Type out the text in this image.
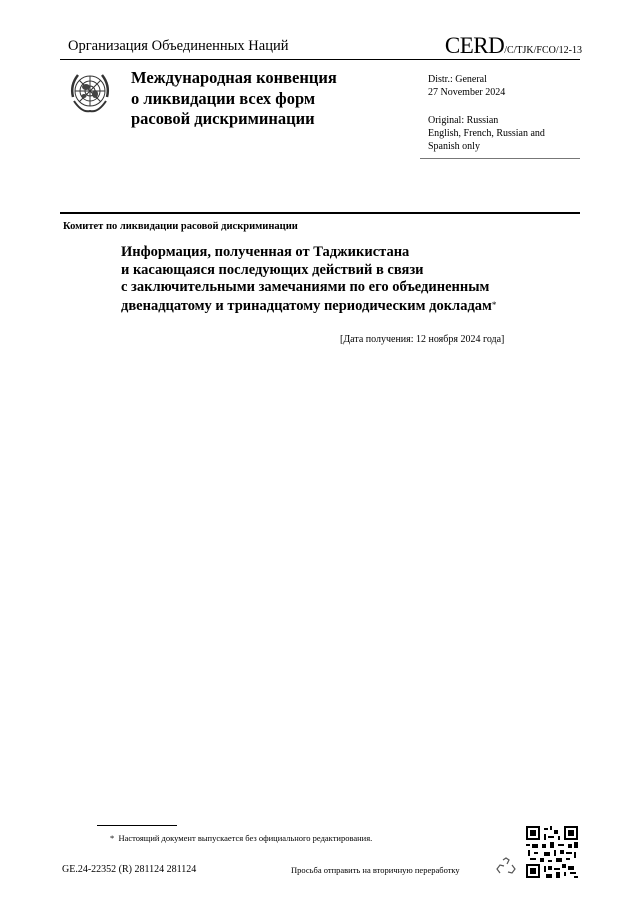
Организация Объединенных Наций	CERD/C/TJK/FCO/12-13
Международная конвенция
о ликвидации всех форм
расовой дискриминации
Distr.: General
27 November 2024
Original: Russian
English, French, Russian and
Spanish only
Комитет по ликвидации расовой дискриминации
Информация, полученная от Таджикистана
и касающаяся последующих действий в связи
с заключительными замечаниями по его объединенным
двенадцатому и тринадцатому периодическим докладам*
[Дата получения: 12 ноября 2024 года]
* Настоящий документ выпускается без официального редактирования.
GE.24-22352 (R) 281124 281124	Просьба отправить на вторичную переработку
